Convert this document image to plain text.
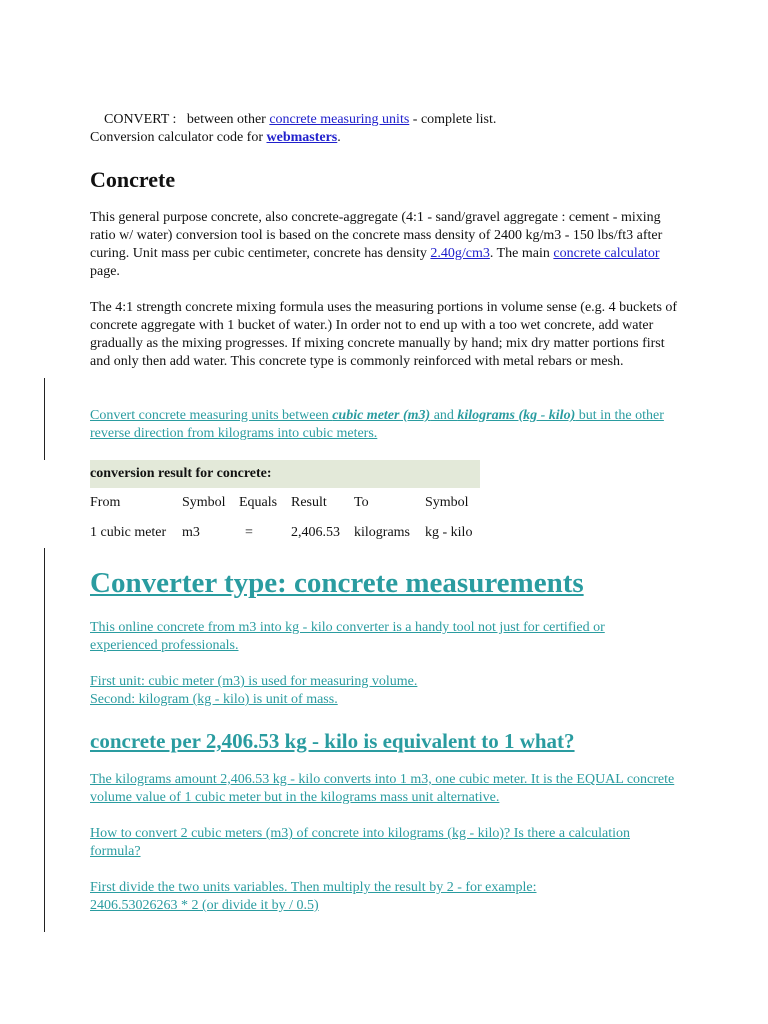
CONVERT :   between other concrete measuring units - complete list.

Conversion calculator code for webmasters.

Concrete

This general purpose concrete, also concrete-aggregate (4:1 - sand/gravel aggregate : cement - mixing ratio w/ water) conversion tool is based on the concrete mass density of 2400 kg/m3 - 150 lbs/ft3 after curing. Unit mass per cubic centimeter, concrete has density 2.40g/cm3. The main concrete calculator page.

The 4:1 strength concrete mixing formula uses the measuring portions in volume sense (e.g. 4 buckets of concrete aggregate with 1 bucket of water.) In order not to end up with a too wet concrete, add water gradually as the mixing progresses. If mixing concrete manually by hand; mix dry matter portions first and only then add water. This concrete type is commonly reinforced with metal rebars or mesh.

Convert concrete measuring units between cubic meter (m3) and kilograms (kg - kilo) but in the other reverse direction from kilograms into cubic meters.

conversion result for concrete:					
From	Symbol	Equals	Result	To	Symbol
1 cubic meter	m3	=	2,406.53	kilograms	kg - kilo
Converter type: concrete measurements

This online concrete from m3 into kg - kilo converter is a handy tool not just for certified or experienced professionals.

First unit: cubic meter (m3) is used for measuring volume.

Second: kilogram (kg - kilo) is unit of mass.

concrete per 2,406.53 kg - kilo is equivalent to 1 what?

The kilograms amount 2,406.53 kg - kilo converts into 1 m3, one cubic meter. It is the EQUAL concrete volume value of 1 cubic meter but in the kilograms mass unit alternative.

How to convert 2 cubic meters (m3) of concrete into kilograms (kg - kilo)? Is there a calculation formula?

First divide the two units variables. Then multiply the result by 2 - for example:

2406.53026263 * 2 (or divide it by / 0.5)
